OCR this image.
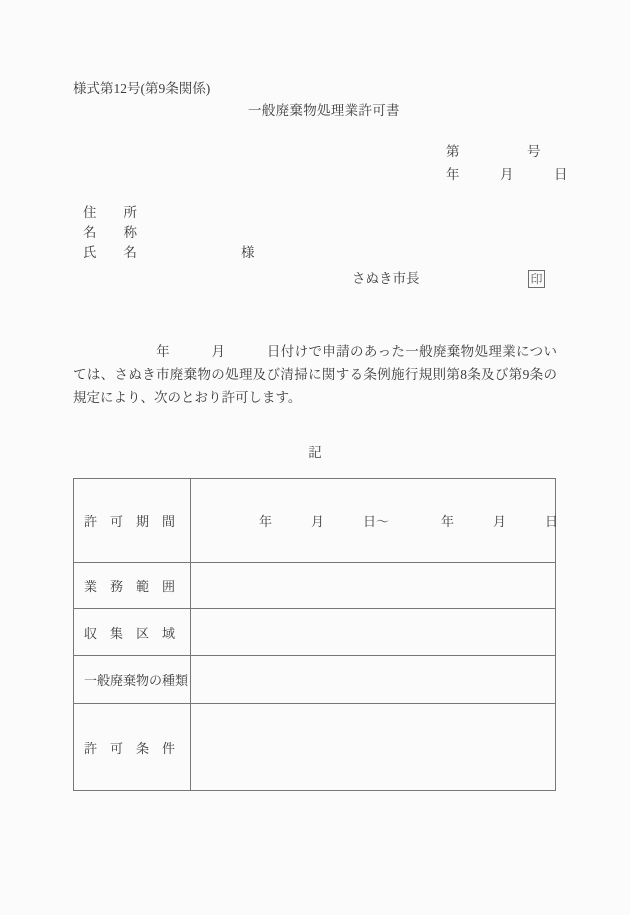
様式第12号(第9条関係)
一般廃棄物処理業許可書
第　　　　　号
年　　　月　　　日
住　　所
名　　称
氏　　名	様
さぬき市長	印
　　　　　　年　　　月　　　日付けで申請のあった一般廃棄物処理業については、さぬき市廃棄物の処理及び清掃に関する条例施行規則第8条及び第9条の規定により、次のとおり許可します。
記
許　可　期　間	年　　　月　　　日〜　　　　年　　　月　　　日

業　務　範　囲	
収　集　区　域	
一般廃棄物の種類	
許　可　条　件	
